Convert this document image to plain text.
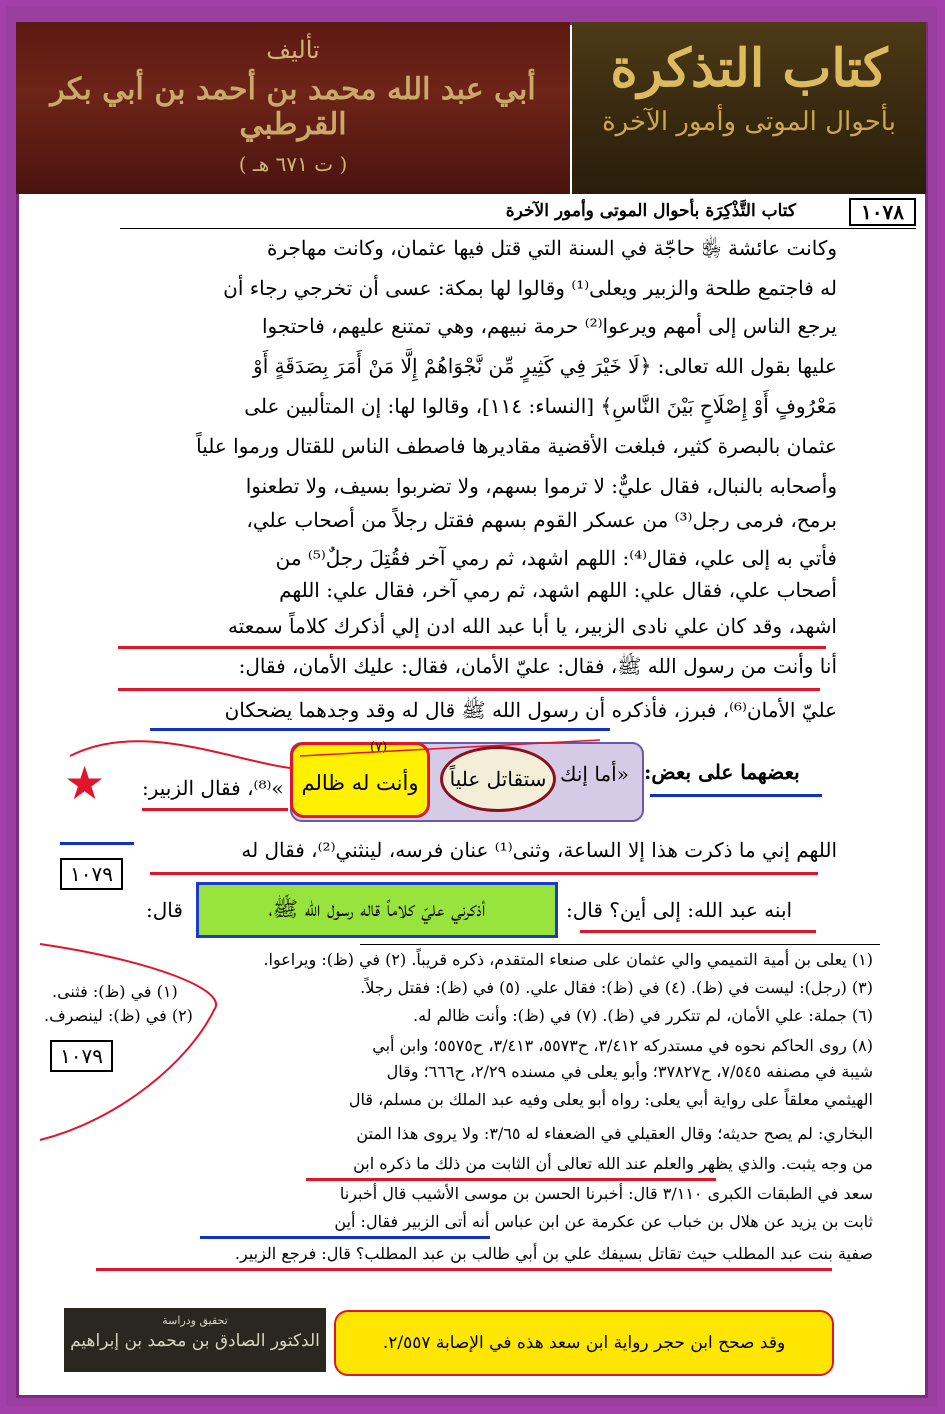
تأليف
أبي عبد الله محمد بن أحمد بن أبي بكر القرطبي
( ت ٦٧١ هـ )
كتاب التذكرة
بأحوال الموتى وأمور الآخرة
١٠٧٨
كتاب التَّذْكِرَة بأحوال الموتى وأمور الآخرة
وكانت عائشة ﵂ حاجّة في السنة التي قتل فيها عثمان، وكانت مهاجرة
له فاجتمع طلحة والزبير ويعلى⁽¹⁾ وقالوا لها بمكة: عسى أن تخرجي رجاء أن
يرجع الناس إلى أمهم ويرعوا⁽²⁾ حرمة نبيهم، وهي تمتنع عليهم، فاحتجوا
عليها بقول الله تعالى: ﴿لَا خَيْرَ فِي كَثِيرٍ مِّن نَّجْوَاهُمْ إِلَّا مَنْ أَمَرَ بِصَدَقَةٍ أَوْ
مَعْرُوفٍ أَوْ إِصْلَاحٍ بَيْنَ النَّاسِ﴾ [النساء: ١١٤]، وقالوا لها: إن المتألبين على
عثمان بالبصرة كثير، فبلغت الأقضية مقاديرها فاصطف الناس للقتال ورموا علياً
وأصحابه بالنبال، فقال عليٌّ: لا ترموا بسهم، ولا تضربوا بسيف، ولا تطعنوا
برمح، فرمى رجل⁽³⁾ من عسكر القوم بسهم فقتل رجلاً من أصحاب علي،
فأتي به إلى علي، فقال⁽⁴⁾: اللهم اشهد، ثم رمي آخر فقُتِلَ رجلٌ⁽⁵⁾ من
أصحاب علي، فقال علي: اللهم اشهد، ثم رمي آخر، فقال علي: اللهم
اشهد، وقد كان علي نادى الزبير، يا أبا عبد الله ادن إلي أذكرك كلاماً سمعته
أنا وأنت من رسول الله ﷺ، فقال: عليّ الأمان، فقال: عليك الأمان، فقال:
عليّ الأمان⁽⁶⁾، فبرز، فأذكره أن رسول الله ﷺ قال له وقد وجدهما يضحكان
وأنت له ظالم
(٧)
ستقاتل علياً «أما إنك بعضهما على بعض:
»⁽⁸⁾، فقال الزبير:
★
اللهم إني ما ذكرت هذا إلا الساعة، وثنى⁽¹⁾ عنان فرسه، لينثني⁽²⁾، فقال له
١٠٧٩
أذكرني عليّ كلاماً قاله رسول الله ﷺ،	ابنه عبد الله: إلى أين؟ قال:
قال:
(١) يعلى بن أمية التميمي والي عثمان على صنعاء المتقدم، ذكره قريباً. (٢) في (ظ): ويراعوا.
(٣) (رجل): ليست في (ظ). (٤) في (ظ): فقال علي. (٥) في (ظ): فقتل رجلاً.
(٦) جملة: علي الأمان، لم تتكرر في (ظ). (٧) في (ظ): وأنت ظالم له.
(٨) روى الحاكم نحوه في مستدركه ٣/٤١٢، ح٥٥٧٣، ٣/٤١٣، ح٥٥٧٥؛ وابن أبي
شيبة في مصنفه ٧/٥٤٥، ح٣٧٨٢٧؛ وأبو يعلى في مسنده ٢/٢٩، ح٦٦٦؛ وقال
الهيثمي معلقاً على رواية أبي يعلى: رواه أبو يعلى وفيه عبد الملك بن مسلم، قال
البخاري: لم يصح حديثه؛ وقال العقيلي في الضعفاء له ٣/٦٥: ولا يروى هذا المتن
من وجه يثبت. والذي يظهر والعلم عند الله تعالى أن الثابت من ذلك ما ذكره ابن
سعد في الطبقات الكبرى ٣/١١٠ قال: أخبرنا الحسن بن موسى الأشيب قال أخبرنا
ثابت بن يزيد عن هلال بن خباب عن عكرمة عن ابن عباس أنه أتى الزبير فقال: أين
صفية بنت عبد المطلب حيث تقاتل بسيفك علي بن أبي طالب بن عبد المطلب؟ قال: فرجع الزبير.
(١) في (ظ): فثنى.
(٢) في (ظ): لينصرف.
١٠٧٩
وقد صحح ابن حجر رواية ابن سعد هذه في الإصابة ٢/٥٥٧.
تحقيق ودراسة
الدكتور الصادق بن محمد بن إبراهيم
